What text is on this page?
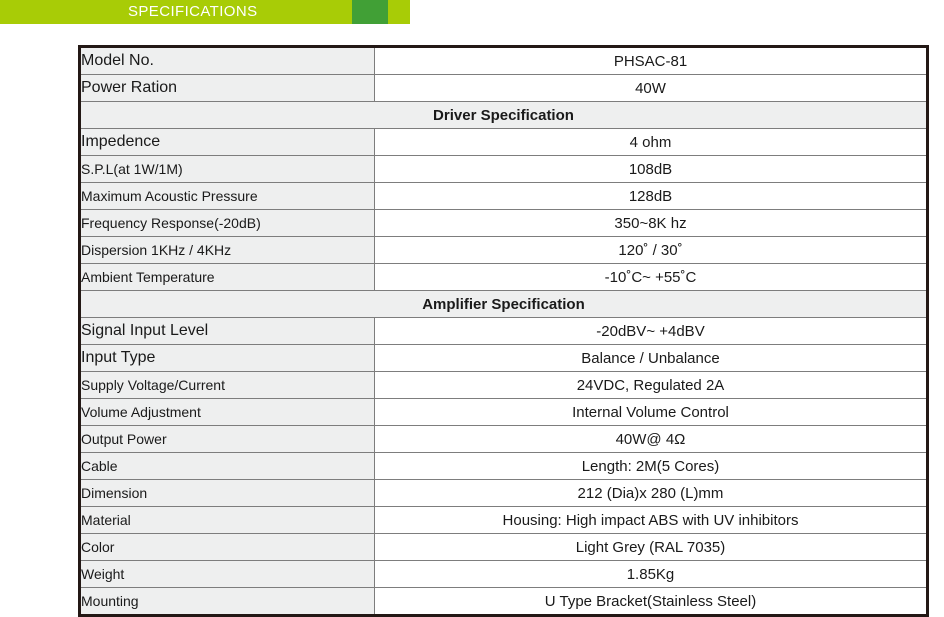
SPECIFICATIONS
Model No.	PHSAC-81
Power Ration	40W
Driver Specification	
Impedence	4 ohm
S.P.L(at 1W/1M)	108dB
Maximum Acoustic Pressure	128dB
Frequency Response(-20dB)	350~8K hz
Dispersion 1KHz / 4KHz	120˚ / 30˚
Ambient Temperature	-10˚C~ +55˚C
Amplifier Specification	
Signal Input Level	-20dBV~ +4dBV
Input Type	Balance / Unbalance
Supply Voltage/Current	24VDC, Regulated 2A
Volume Adjustment	Internal Volume Control
Output Power	40W@ 4Ω
Cable	Length: 2M(5 Cores)
Dimension	212 (Dia)x 280 (L)mm
Material	Housing: High impact ABS with UV inhibitors
Color	Light Grey (RAL 7035)
Weight	1.85Kg
Mounting	U Type Bracket(Stainless Steel)
